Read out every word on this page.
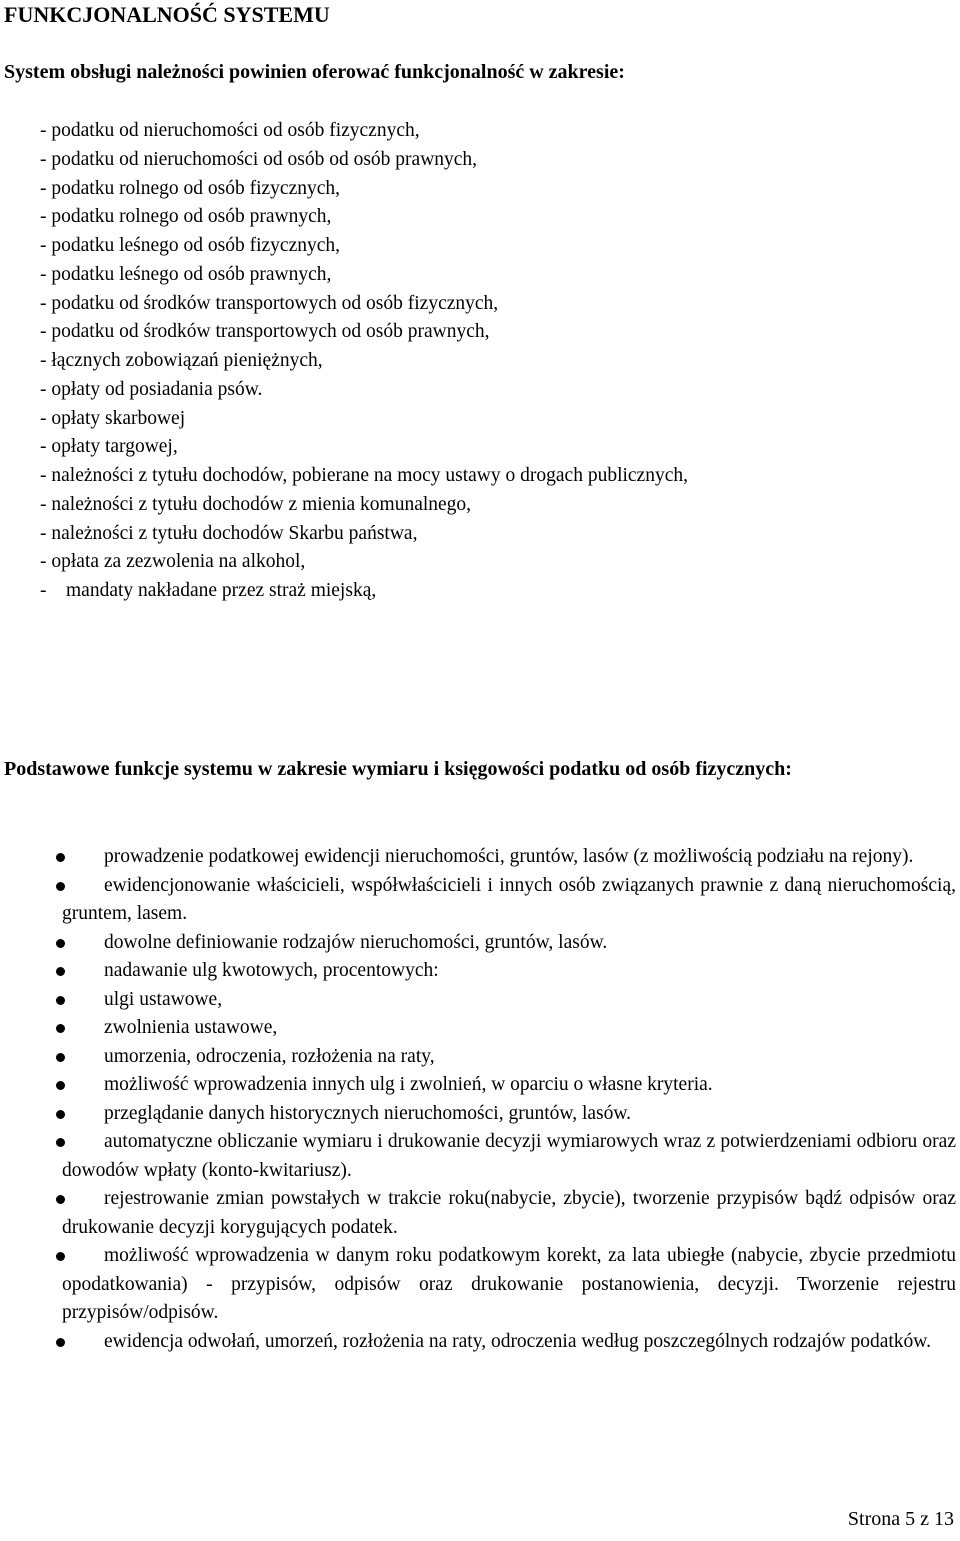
FUNKCJONALNOŚĆ SYSTEMU
System obsługi należności powinien oferować funkcjonalność w zakresie:
- podatku od nieruchomości od osób fizycznych,
- podatku od nieruchomości od osób od osób prawnych,
- podatku rolnego od osób fizycznych,
- podatku rolnego od osób prawnych,
- podatku leśnego od osób fizycznych,
- podatku leśnego od osób prawnych,
- podatku od środków transportowych od osób fizycznych,
- podatku od środków transportowych od osób prawnych,
- łącznych zobowiązań pieniężnych,
- opłaty od posiadania psów.
- opłaty skarbowej
- opłaty targowej,
- należności z tytułu dochodów, pobierane na mocy ustawy o drogach publicznych,
- należności z tytułu dochodów z mienia komunalnego,
- należności z tytułu dochodów Skarbu państwa,
- opłata za zezwolenia na alkohol,
-    mandaty nakładane przez straż miejską,
Podstawowe funkcje systemu w zakresie wymiaru i księgowości podatku od osób fizycznych:
prowadzenie podatkowej ewidencji nieruchomości, gruntów, lasów (z możliwością podziału na rejony).
ewidencjonowanie właścicieli, współwłaścicieli i innych osób związanych prawnie z daną nieruchomością, gruntem, lasem.
dowolne definiowanie rodzajów nieruchomości, gruntów, lasów.
nadawanie ulg kwotowych, procentowych:
ulgi ustawowe,
zwolnienia ustawowe,
umorzenia, odroczenia, rozłożenia na raty,
możliwość wprowadzenia innych ulg i zwolnień, w oparciu o własne kryteria.
przeglądanie danych historycznych nieruchomości, gruntów, lasów.
automatyczne obliczanie wymiaru i drukowanie decyzji wymiarowych wraz z potwierdzeniami odbioru oraz dowodów wpłaty (konto-kwitariusz).
rejestrowanie zmian powstałych w trakcie roku(nabycie, zbycie), tworzenie przypisów bądź odpisów oraz drukowanie decyzji korygujących podatek.
możliwość wprowadzenia w danym roku podatkowym korekt, za lata ubiegłe (nabycie, zbycie przedmiotu opodatkowania) - przypisów, odpisów oraz drukowanie postanowienia, decyzji. Tworzenie rejestru przypisów/odpisów.
ewidencja odwołań, umorzeń, rozłożenia na raty, odroczenia według poszczególnych rodzajów podatków.
Strona 5 z 13
